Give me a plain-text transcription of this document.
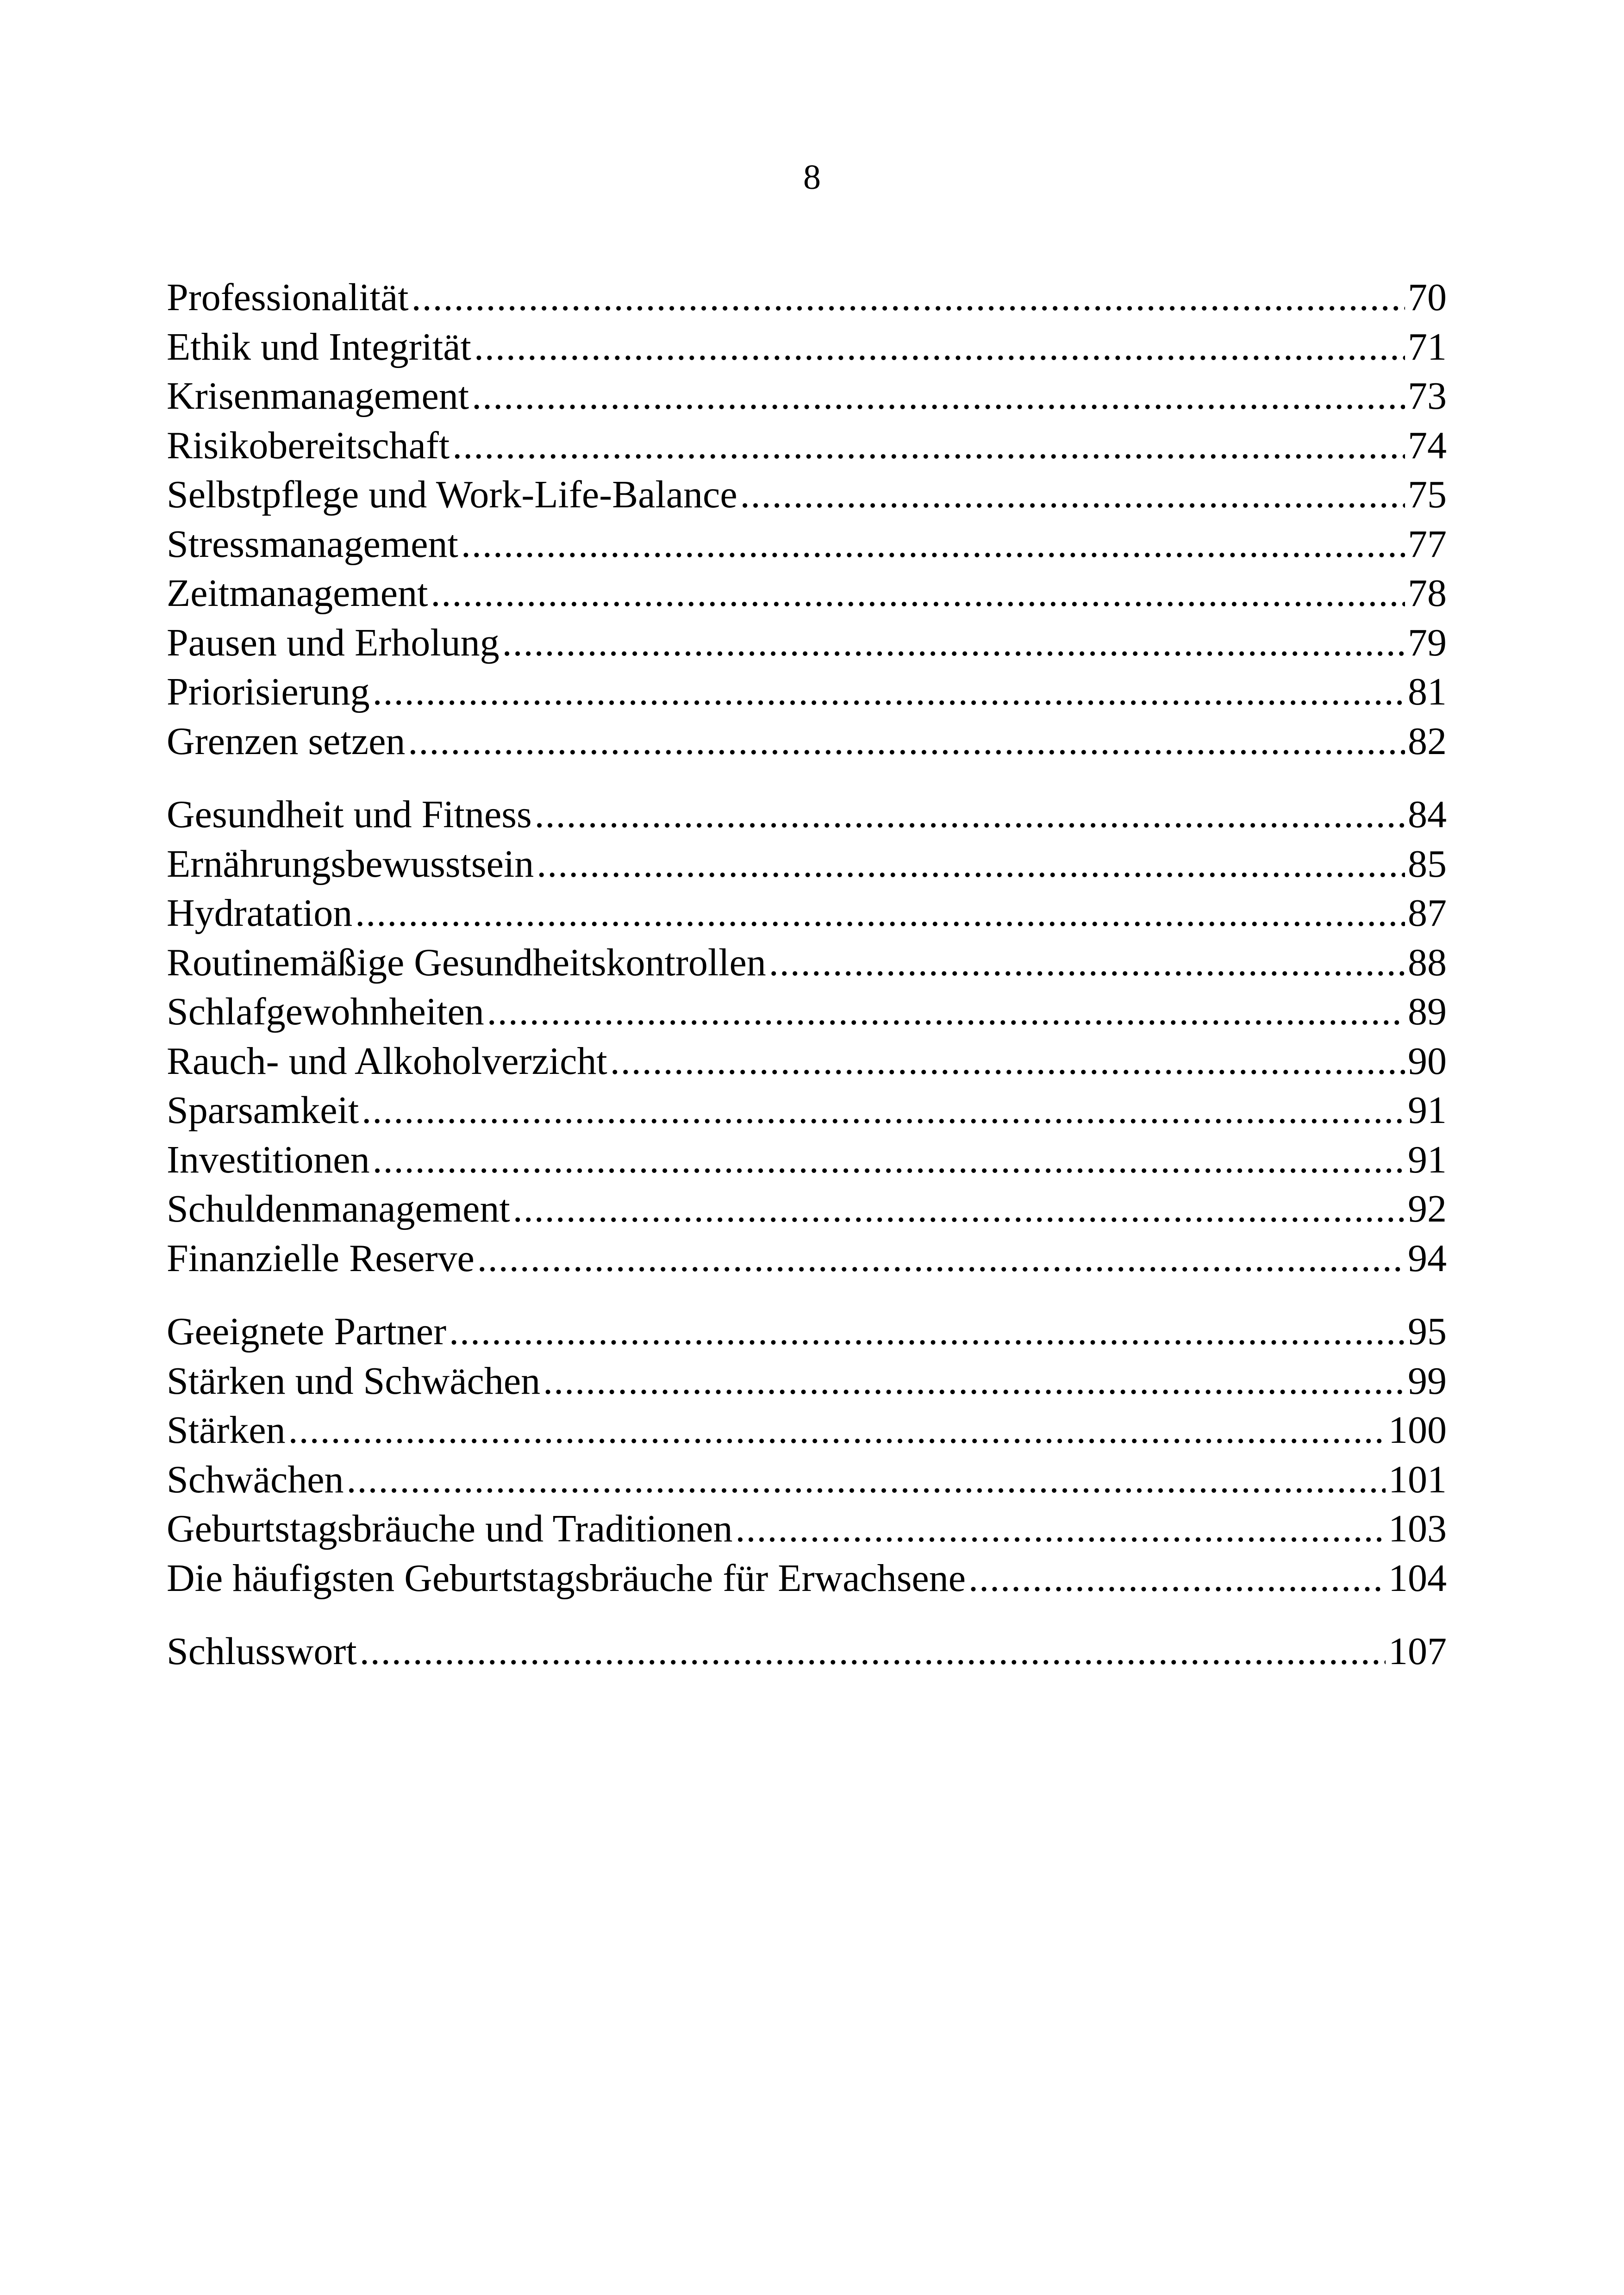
8
Professionalität .....	70
Ethik und Integrität .....	71
Krisenmanagement .....	73
Risikobereitschaft .....	74
Selbstpflege und Work-Life-Balance .....	75
Stressmanagement .....	77
Zeitmanagement .....	78
Pausen und Erholung .....	79
Priorisierung .....	81
Grenzen setzen .....	82
Gesundheit und Fitness .....	84
Ernährungsbewusstsein .....	85
Hydratation .....	87
Routinemäßige Gesundheitskontrollen .....	88
Schlafgewohnheiten .....	89
Rauch- und Alkoholverzicht .....	90
Sparsamkeit .....	91
Investitionen .....	91
Schuldenmanagement .....	92
Finanzielle Reserve .....	94
Geeignete Partner .....	95
Stärken und Schwächen .....	99
Stärken .....	100
Schwächen .....	101
Geburtstagsbräuche und Traditionen .....	103
Die häufigsten Geburtstagsbräuche für Erwachsene .....	104
Schlusswort .....	107
